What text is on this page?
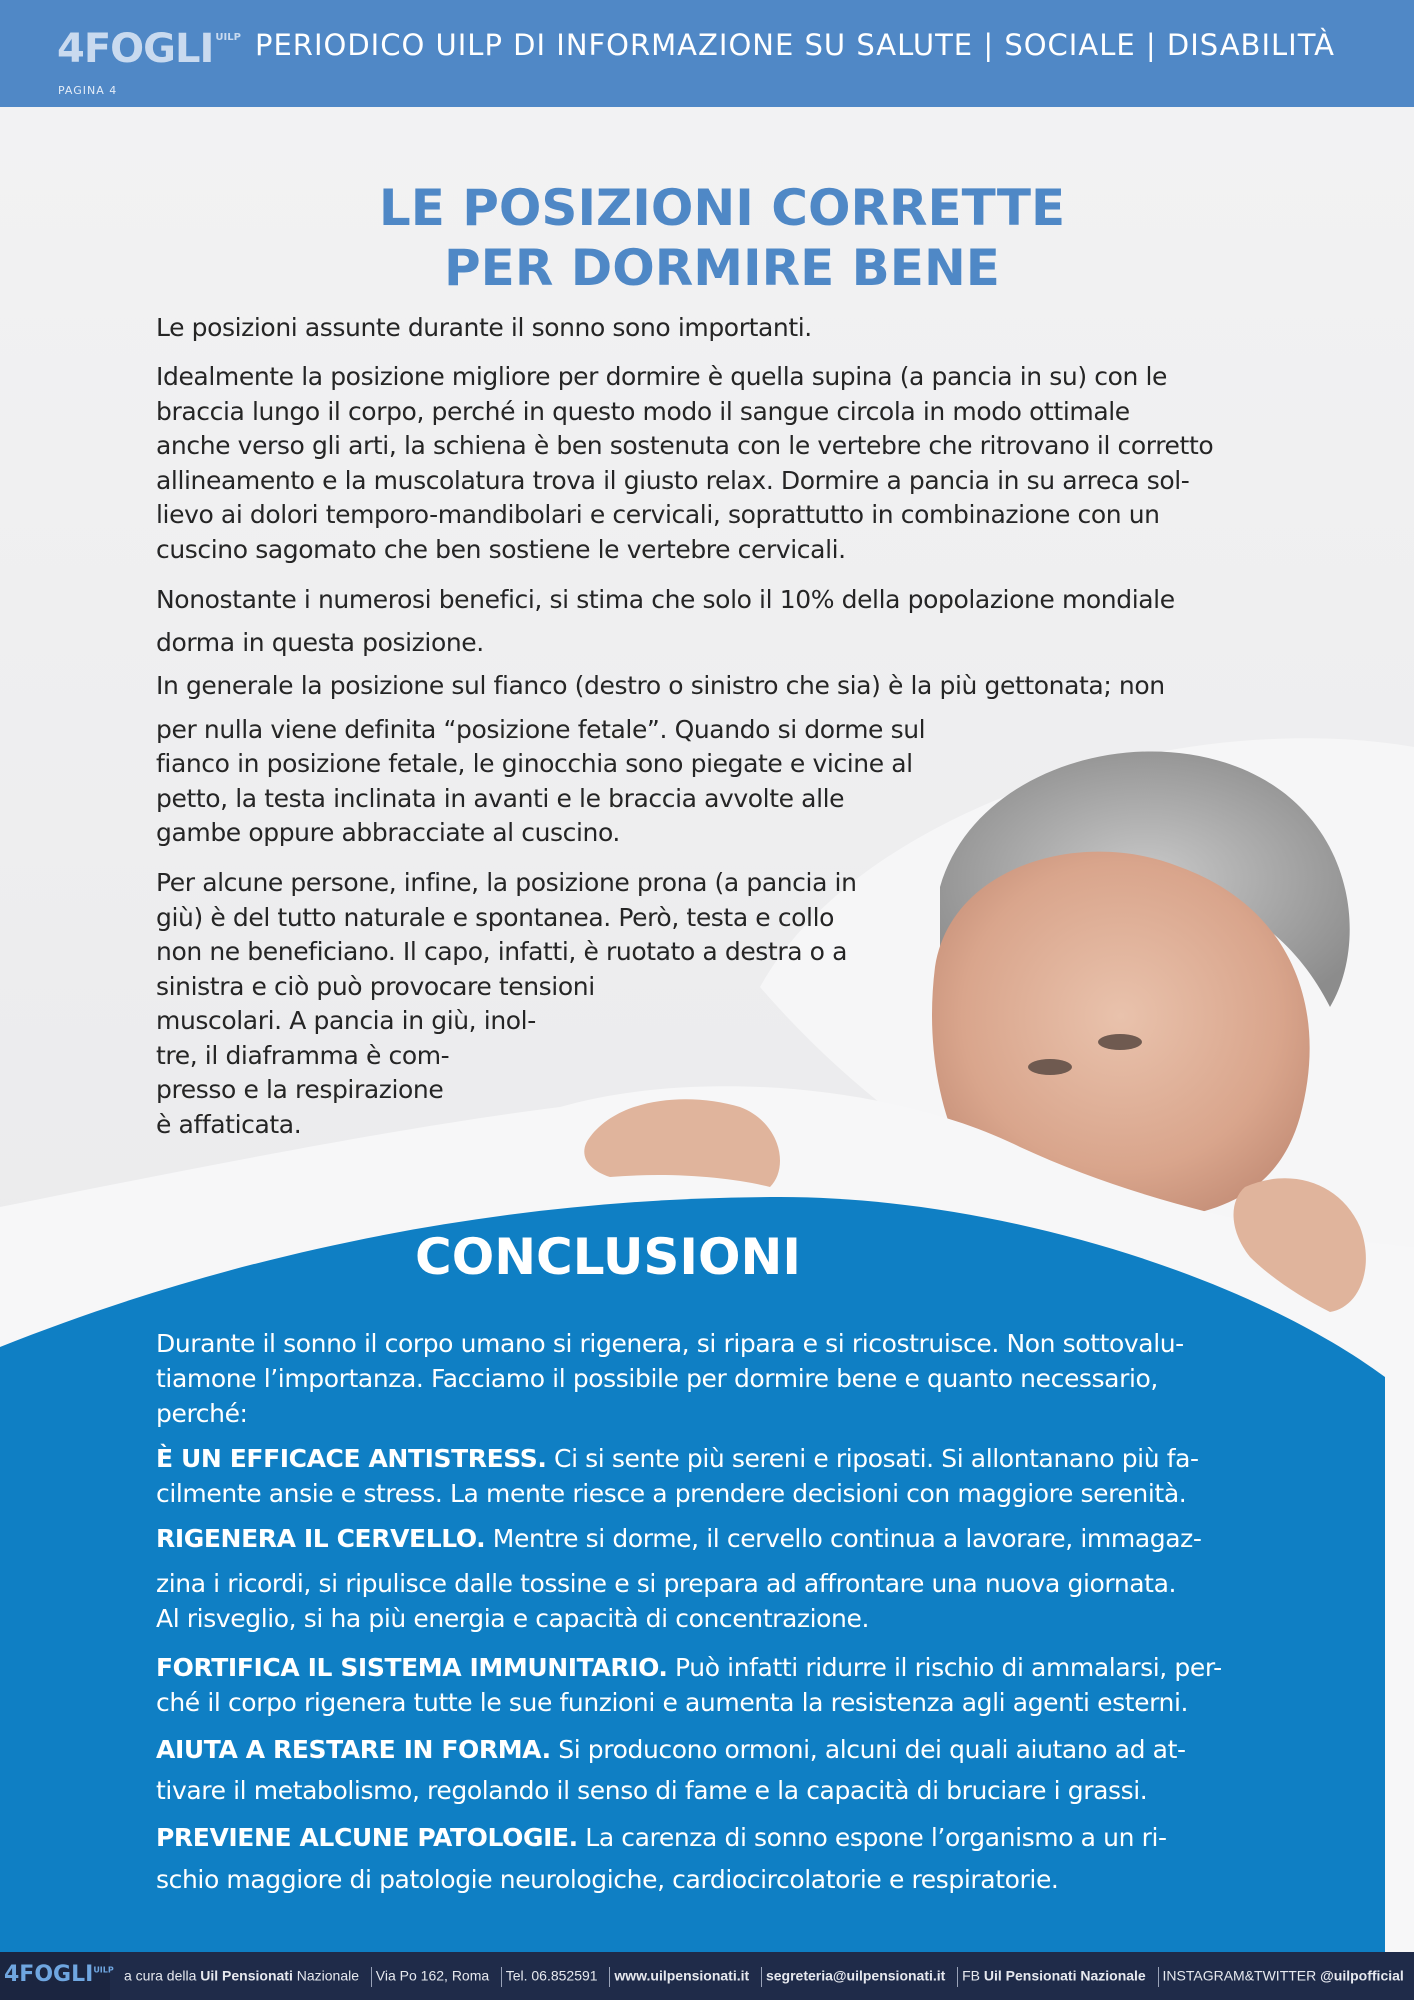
4FOGLI $^{UILP}$
PAGINA 4
PERIODICO UILP DI INFORMAZIONE SU SALUTE | SOCIALE | DISABILITÀ
LE POSIZIONI CORRETTE
PER DORMIRE BENE
Le posizioni assunte durante il sonno sono importanti.
Idealmente la posizione migliore per dormire è quella supina (a pancia in su) con le
braccia lungo il corpo, perché in questo modo il sangue circola in modo ottimale
anche verso gli arti, la schiena è ben sostenuta con le vertebre che ritrovano il corretto
allineamento e la muscolatura trova il giusto relax. Dormire a pancia in su arreca sol-
lievo ai dolori temporo-mandibolari e cervicali, soprattutto in combinazione con un
cuscino sagomato che ben sostiene le vertebre cervicali.
Nonostante i numerosi benefici, si stima che solo il 10% della popolazione mondiale
dorma in questa posizione.
In generale la posizione sul fianco (destro o sinistro che sia) è la più gettonata; non
per nulla viene definita “posizione fetale”. Quando si dorme sul
fianco in posizione fetale, le ginocchia sono piegate e vicine al
petto, la testa inclinata in avanti e le braccia avvolte alle
gambe oppure abbracciate al cuscino.
Per alcune persone, infine, la posizione prona (a pancia in
giù) è del tutto naturale e spontanea. Però, testa e collo
non ne beneficiano. Il capo, infatti, è ruotato a destra o a
sinistra e ciò può provocare tensioni
muscolari. A pancia in giù, inol-
tre, il diaframma è com-
presso e la respirazione
è affaticata.
CONCLUSIONI
Durante il sonno il corpo umano si rigenera, si ripara e si ricostruisce. Non sottovalu-
tiamone l’importanza. Facciamo il possibile per dormire bene e quanto necessario,
perché:
È UN EFFICACE ANTISTRESS. Ci si sente più sereni e riposati. Si allontanano più fa-
cilmente ansie e stress. La mente riesce a prendere decisioni con maggiore serenità.
RIGENERA IL CERVELLO. Mentre si dorme, il cervello continua a lavorare, immagaz-
zina i ricordi, si ripulisce dalle tossine e si prepara ad affrontare una nuova giornata.
Al risveglio, si ha più energia e capacità di concentrazione.
FORTIFICA IL SISTEMA IMMUNITARIO. Può infatti ridurre il rischio di ammalarsi, per-
ché il corpo rigenera tutte le sue funzioni e aumenta la resistenza agli agenti esterni.
AIUTA A RESTARE IN FORMA. Si producono ormoni, alcuni dei quali aiutano ad at-
tivare il metabolismo, regolando il senso di fame e la capacità di bruciare i grassi.
PREVIENE ALCUNE PATOLOGIE. La carenza di sonno espone l’organismo a un ri-
schio maggiore di patologie neurologiche, cardiocircolatorie e respiratorie.
$4FOGLI^{UILP}$ a cura della Uil Pensionati Nazionale Via Po 162, Roma Tel. 06.852591 www.uilpensionati.it segreteria@uilpensionati.it FB Uil Pensionati Nazionale INSTAGRAM&TWITTER @uilpofficial
